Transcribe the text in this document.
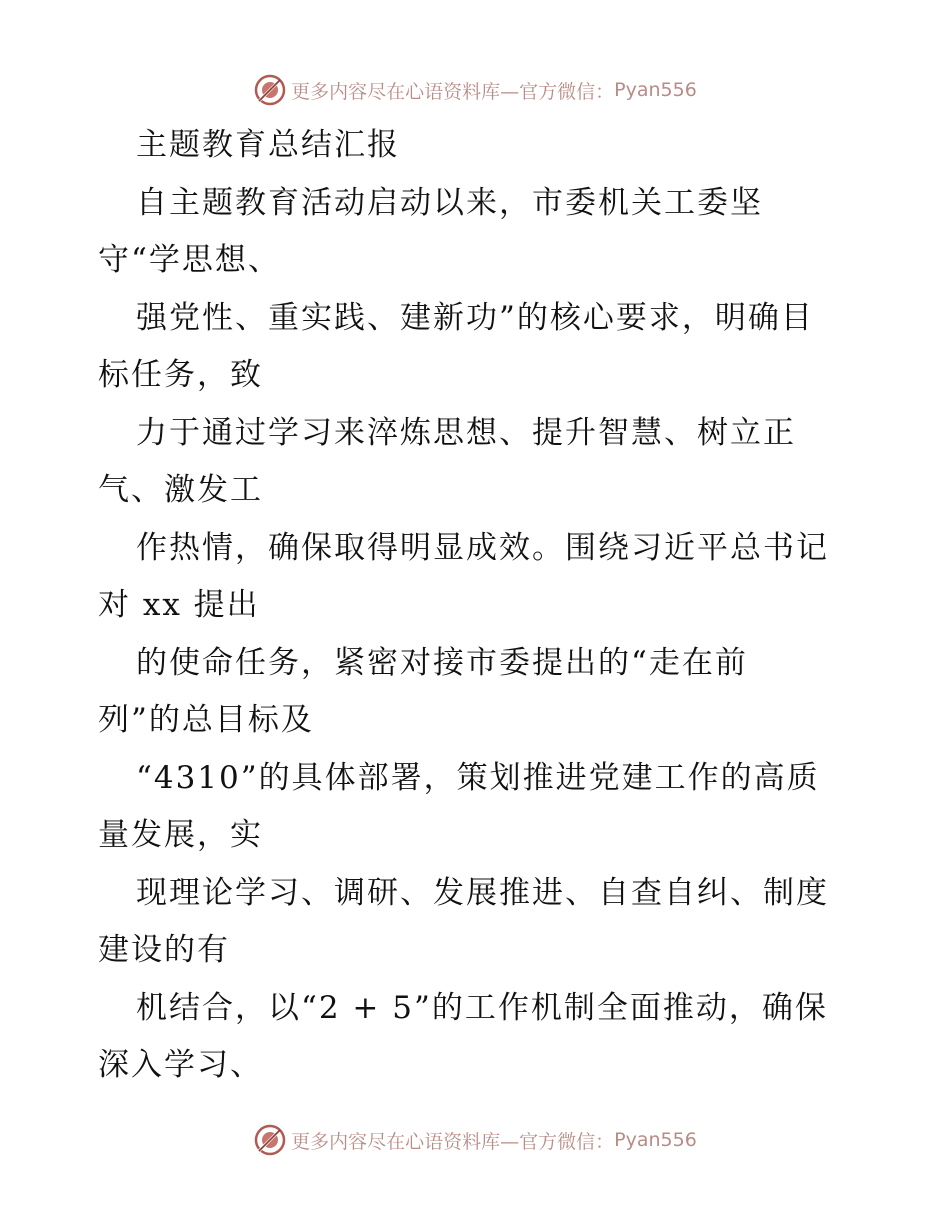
更多内容尽在心语资料库—官方微信： Pyan556
主题教育总结汇报
自主题教育活动启动以来，市委机关工委坚
守“学思想、
强党性、重实践、建新功”的核心要求，明确目
标任务，致
力于通过学习来淬炼思想、提升智慧、树立正
气、激发工
作热情，确保取得明显成效。围绕习近平总书记
对 xx 提出
的使命任务，紧密对接市委提出的“走在前
列”的总目标及
“4310”的具体部署，策划推进党建工作的高质
量发展，实
现理论学习、调研、发展推进、自查自纠、制度
建设的有
机结合，以“2 + 5”的工作机制全面推动，确保
深入学习、
更多内容尽在心语资料库—官方微信： Pyan556
